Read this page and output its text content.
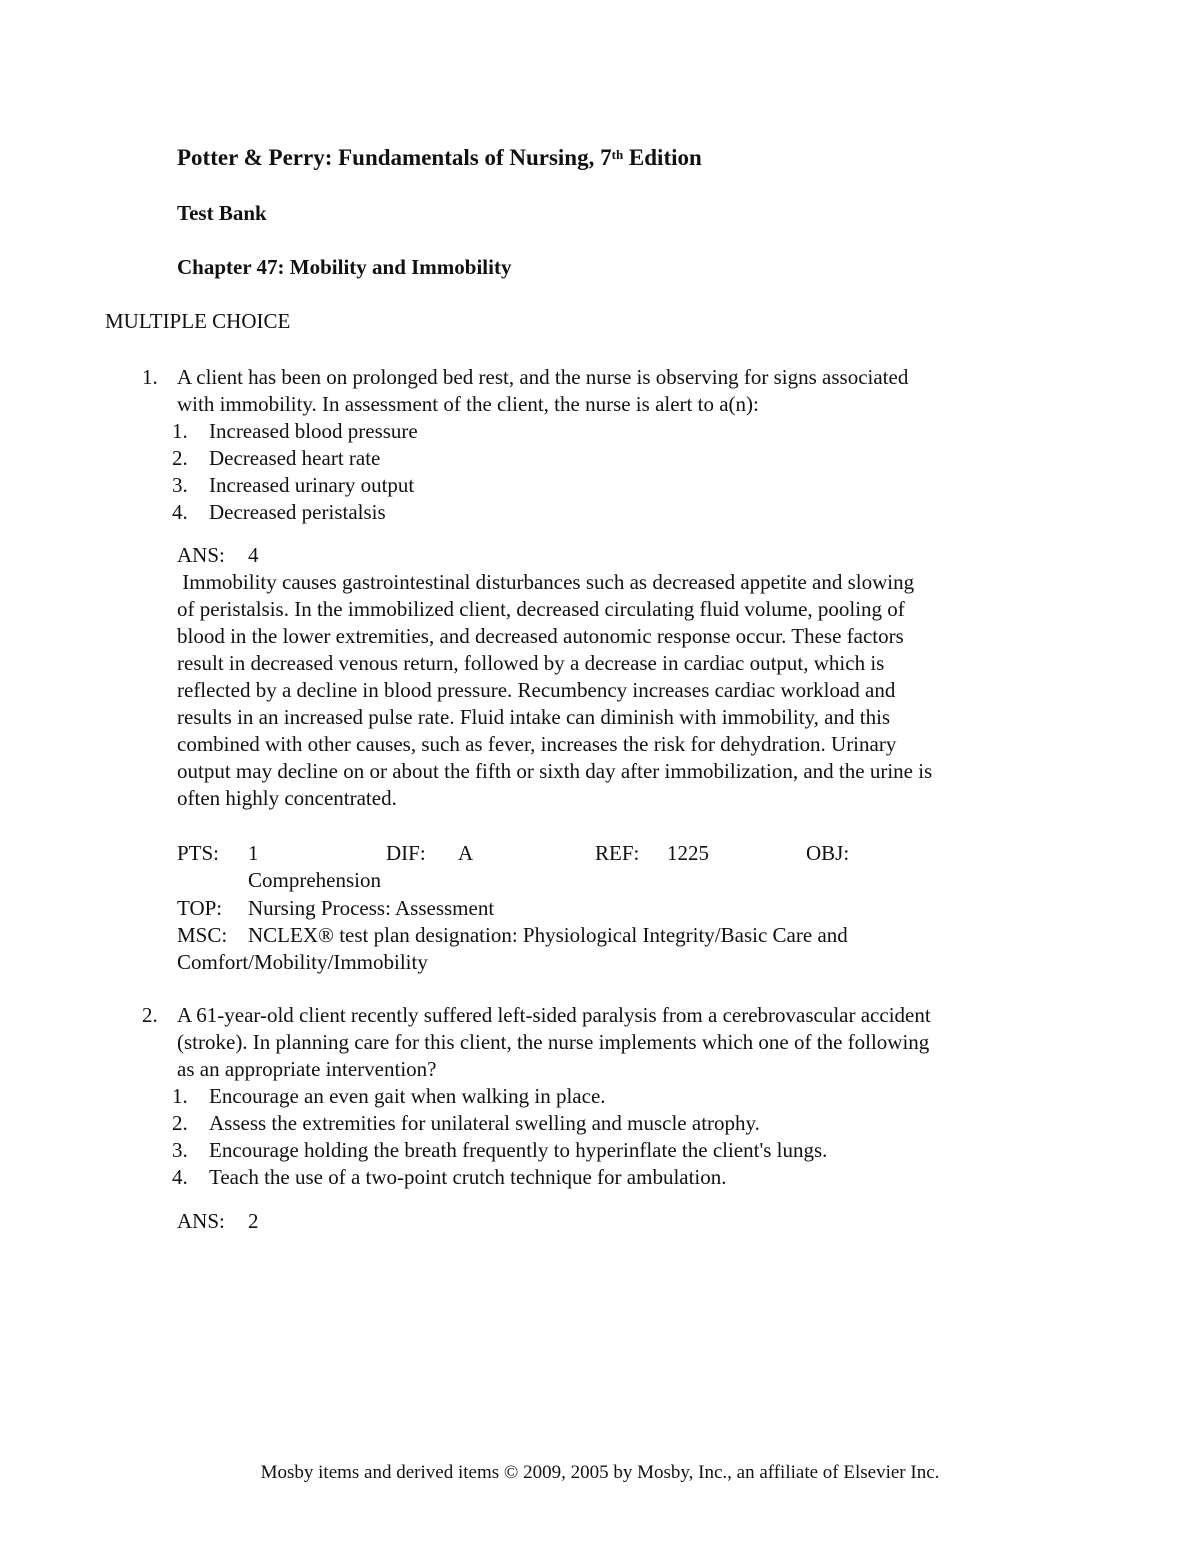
Potter & Perry: Fundamentals of Nursing, 7th Edition
Test Bank
Chapter 47: Mobility and Immobility
MULTIPLE CHOICE
1. A client has been on prolonged bed rest, and the nurse is observing for signs associated
with immobility. In assessment of the client, the nurse is alert to a(n):
1.	Increased blood pressure
2.	Decreased heart rate
3.	Increased urinary output
4.	Decreased peristalsis
ANS: 4
Immobility causes gastrointestinal disturbances such as decreased appetite and slowing
of peristalsis. In the immobilized client, decreased circulating fluid volume, pooling of
blood in the lower extremities, and decreased autonomic response occur. These factors
result in decreased venous return, followed by a decrease in cardiac output, which is
reflected by a decline in blood pressure. Recumbency increases cardiac workload and
results in an increased pulse rate. Fluid intake can diminish with immobility, and this
combined with other causes, such as fever, increases the risk for dehydration. Urinary
output may decline on or about the fifth or sixth day after immobilization, and the urine is
often highly concentrated.
PTS: 1	DIF: A	REF: 1225	OBJ:
Comprehension
TOP: Nursing Process: Assessment
MSC: NCLEX® test plan designation: Physiological Integrity/Basic Care and
Comfort/Mobility/Immobility
2. A 61-year-old client recently suffered left-sided paralysis from a cerebrovascular accident
(stroke). In planning care for this client, the nurse implements which one of the following
as an appropriate intervention?
1.	Encourage an even gait when walking in place.
2.	Assess the extremities for unilateral swelling and muscle atrophy.
3.	Encourage holding the breath frequently to hyperinflate the client's lungs.
4.	Teach the use of a two-point crutch technique for ambulation.
ANS: 2
Mosby items and derived items © 2009, 2005 by Mosby, Inc., an affiliate of Elsevier Inc.
